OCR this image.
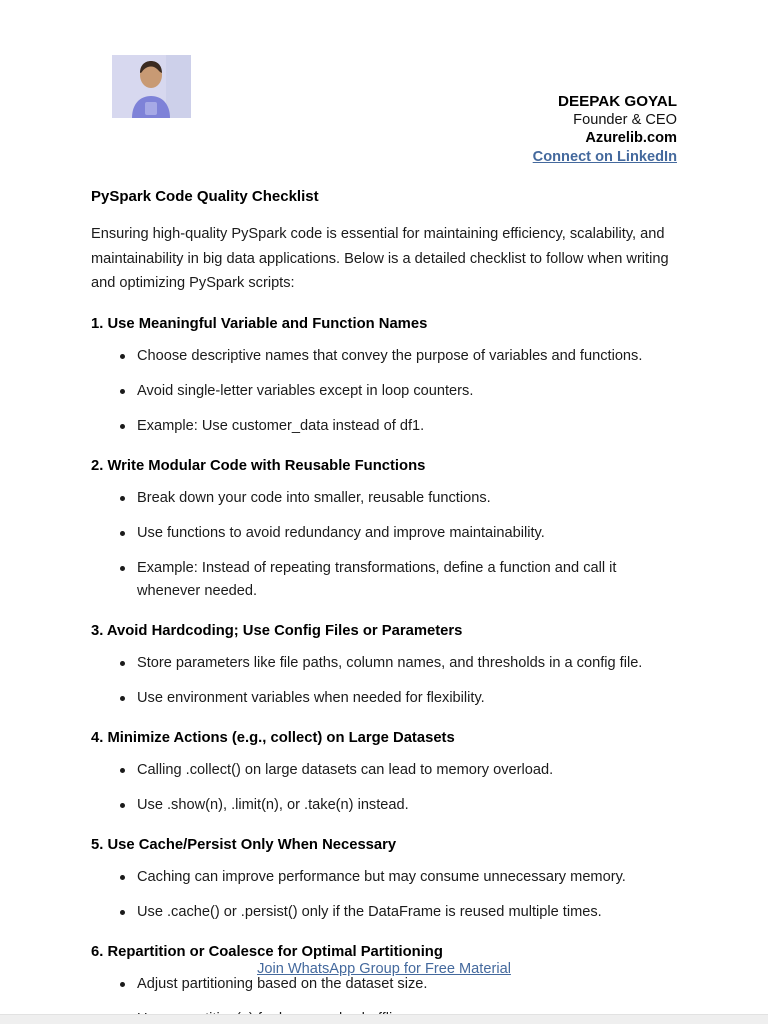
DEEPAK GOYAL
Founder & CEO
Azurelib.com
Connect on LinkedIn
PySpark Code Quality Checklist

Ensuring high-quality PySpark code is essential for maintaining efficiency, scalability, and maintainability in big data applications. Below is a detailed checklist to follow when writing and optimizing PySpark scripts:

1. Use Meaningful Variable and Function Names
Choose descriptive names that convey the purpose of variables and functions.
Avoid single-letter variables except in loop counters.
Example: Use customer_data instead of df1.
2. Write Modular Code with Reusable Functions
Break down your code into smaller, reusable functions.
Use functions to avoid redundancy and improve maintainability.
Example: Instead of repeating transformations, define a function and call it whenever needed.
3. Avoid Hardcoding; Use Config Files or Parameters
Store parameters like file paths, column names, and thresholds in a config file.
Use environment variables when needed for flexibility.
4. Minimize Actions (e.g., collect) on Large Datasets
Calling .collect() on large datasets can lead to memory overload.
Use .show(n), .limit(n), or .take(n) instead.
5. Use Cache/Persist Only When Necessary
Caching can improve performance but may consume unnecessary memory.
Use .cache() or .persist() only if the DataFrame is reused multiple times.
6. Repartition or Coalesce for Optimal Partitioning
Adjust partitioning based on the dataset size.
Join WhatsApp Group for Free Material
